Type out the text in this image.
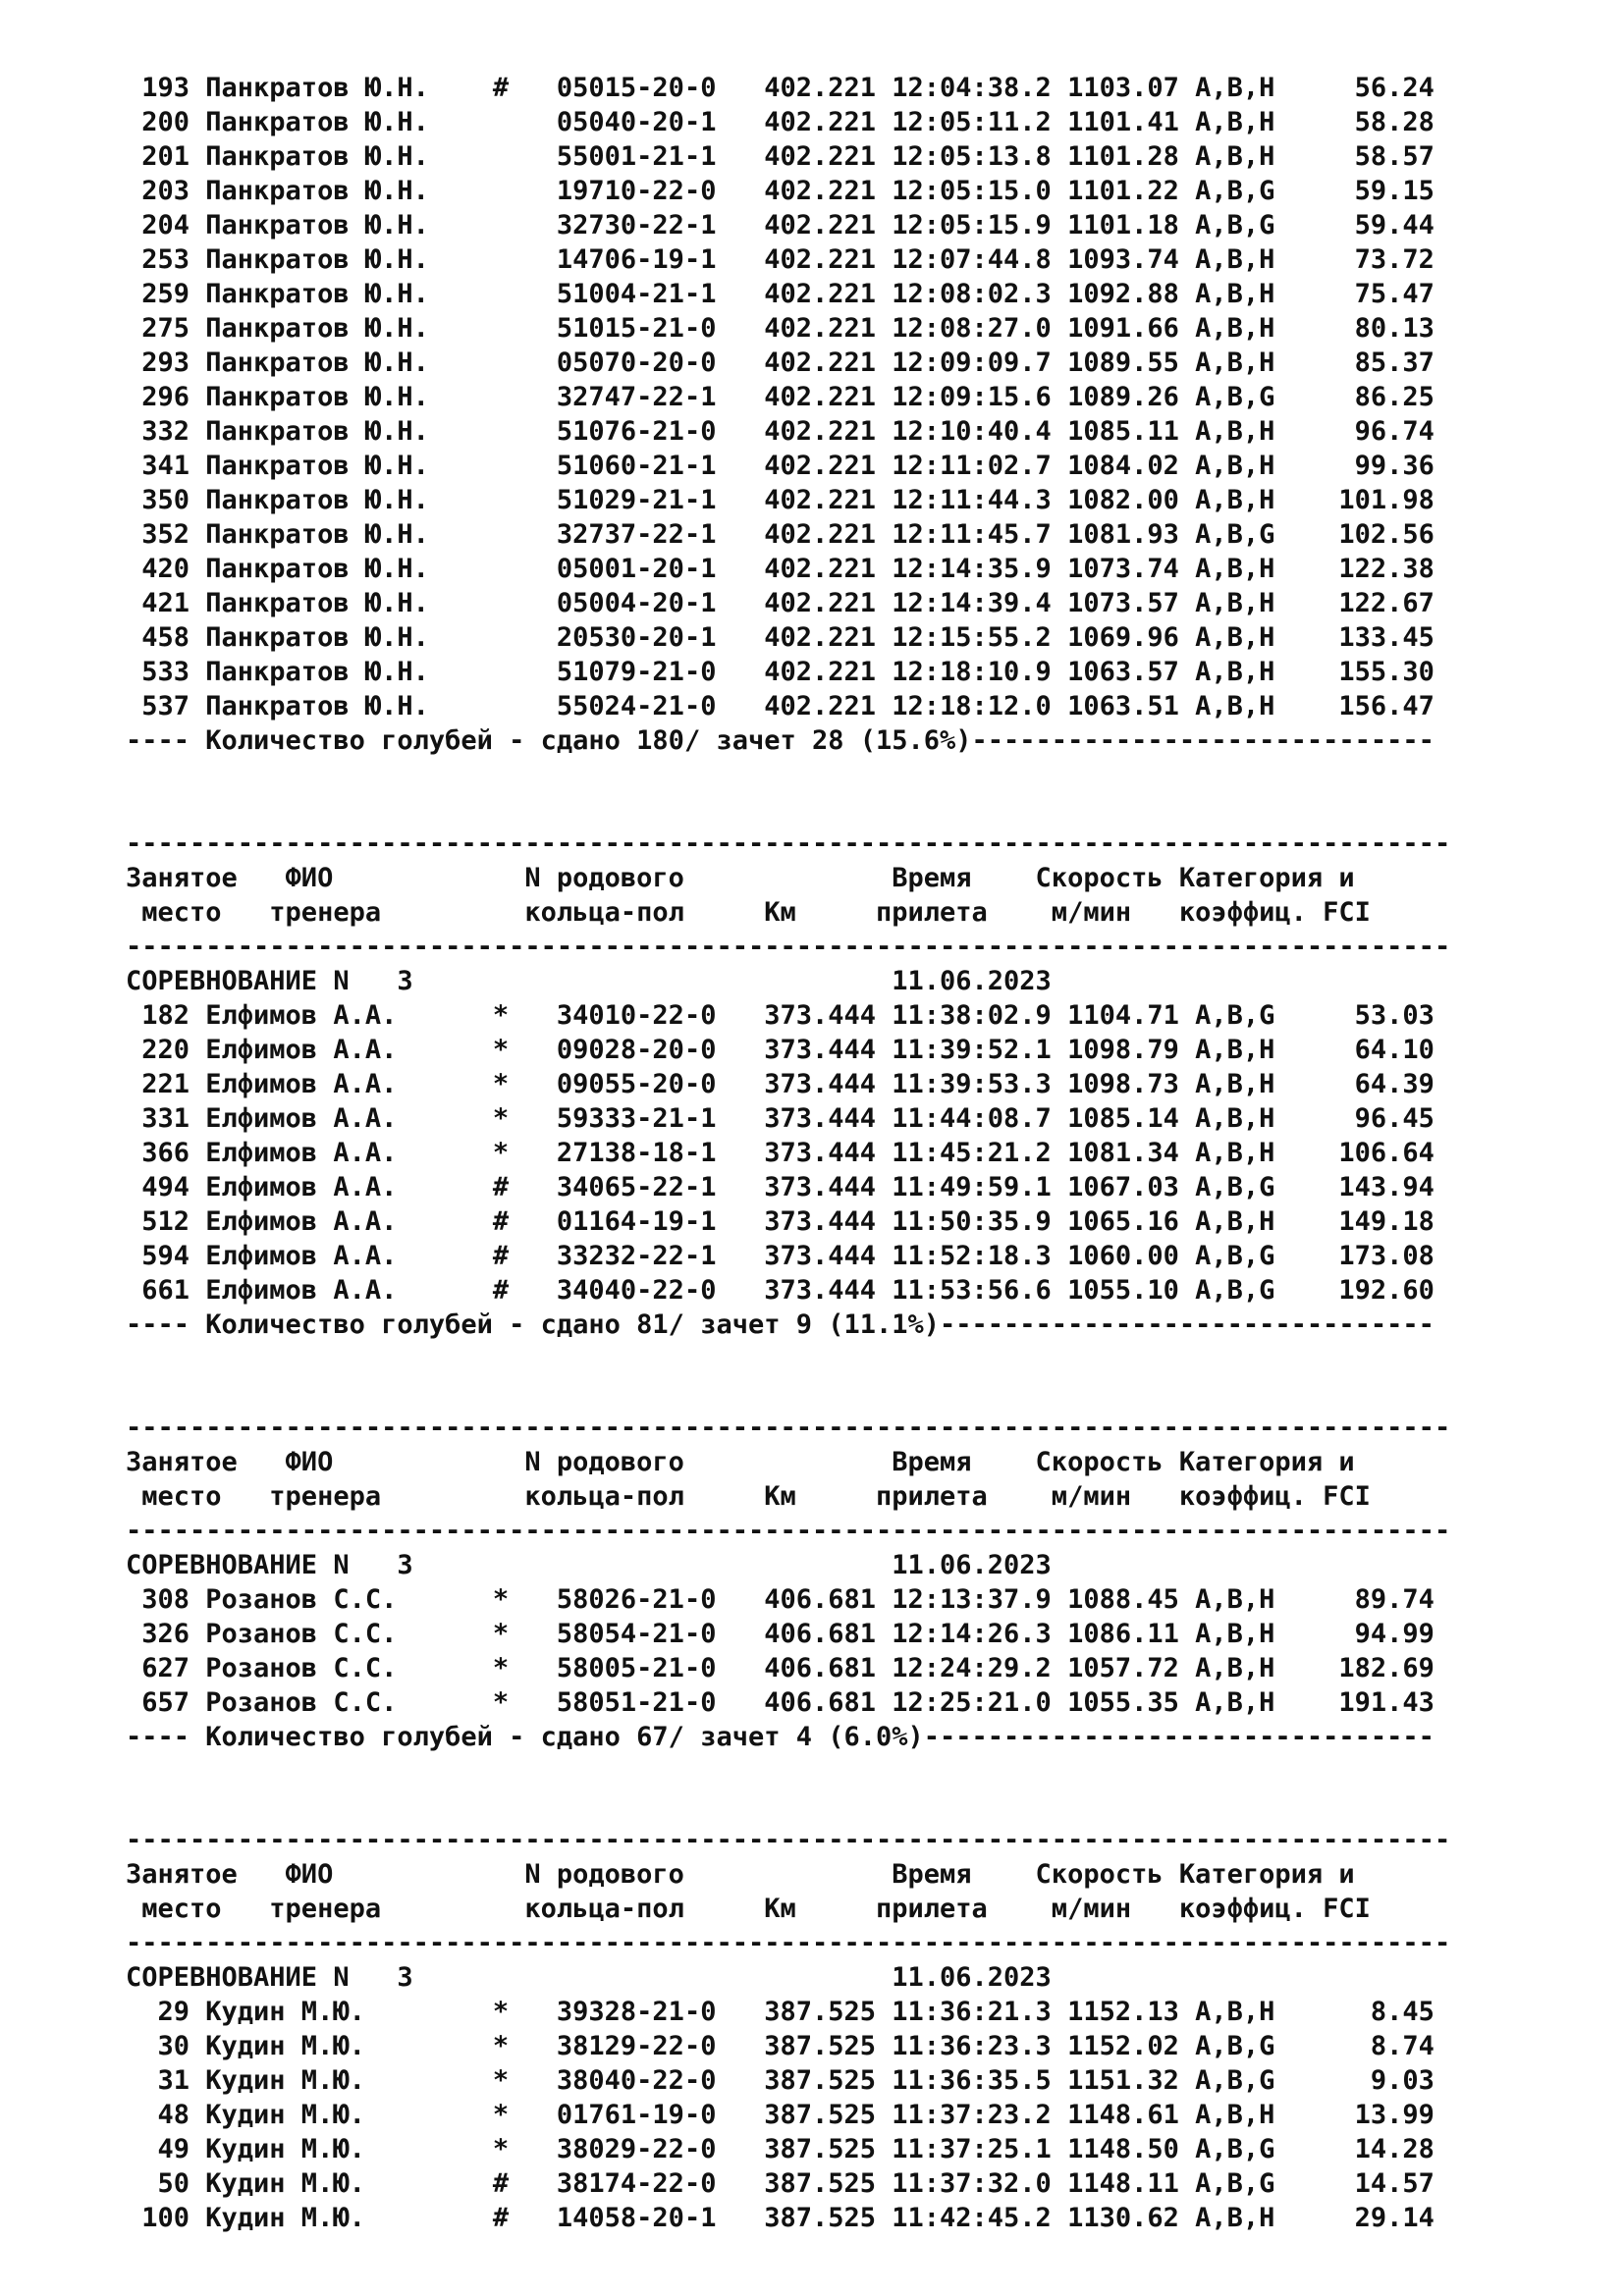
193 Панкратов Ю.Н.    #   05015-20-0   402.221 12:04:38.2 1103.07 A,B,H     56.24
200 Панкратов Ю.Н.        05040-20-1   402.221 12:05:11.2 1101.41 A,B,H     58.28
201 Панкратов Ю.Н.        55001-21-1   402.221 12:05:13.8 1101.28 A,B,H     58.57
203 Панкратов Ю.Н.        19710-22-0   402.221 12:05:15.0 1101.22 A,B,G     59.15
204 Панкратов Ю.Н.        32730-22-1   402.221 12:05:15.9 1101.18 A,B,G     59.44
253 Панкратов Ю.Н.        14706-19-1   402.221 12:07:44.8 1093.74 A,B,H     73.72
259 Панкратов Ю.Н.        51004-21-1   402.221 12:08:02.3 1092.88 A,B,H     75.47
275 Панкратов Ю.Н.        51015-21-0   402.221 12:08:27.0 1091.66 A,B,H     80.13
293 Панкратов Ю.Н.        05070-20-0   402.221 12:09:09.7 1089.55 A,B,H     85.37
296 Панкратов Ю.Н.        32747-22-1   402.221 12:09:15.6 1089.26 A,B,G     86.25
332 Панкратов Ю.Н.        51076-21-0   402.221 12:10:40.4 1085.11 A,B,H     96.74
341 Панкратов Ю.Н.        51060-21-1   402.221 12:11:02.7 1084.02 A,B,H     99.36
350 Панкратов Ю.Н.        51029-21-1   402.221 12:11:44.3 1082.00 A,B,H    101.98
352 Панкратов Ю.Н.        32737-22-1   402.221 12:11:45.7 1081.93 A,B,G    102.56
420 Панкратов Ю.Н.        05001-20-1   402.221 12:14:35.9 1073.74 A,B,H    122.38
421 Панкратов Ю.Н.        05004-20-1   402.221 12:14:39.4 1073.57 A,B,H    122.67
458 Панкратов Ю.Н.        20530-20-1   402.221 12:15:55.2 1069.96 A,B,H    133.45
533 Панкратов Ю.Н.        51079-21-0   402.221 12:18:10.9 1063.57 A,B,H    155.30
537 Панкратов Ю.Н.        55024-21-0   402.221 12:18:12.0 1063.51 A,B,H    156.47
---- Количество голубей - сдано 180/ зачет 28 (15.6%)-----------------------------
-----------------------------------------------------------------------------------
Занятое   ФИО            N родового             Время    Скорость Категория и
место   тренера         кольца-пол     Км     прилета    м/мин   коэффиц. FCI
-----------------------------------------------------------------------------------
СОРЕВНОВАНИЕ N   3                              11.06.2023
182 Елфимов А.А.      *   34010-22-0   373.444 11:38:02.9 1104.71 A,B,G     53.03
220 Елфимов А.А.      *   09028-20-0   373.444 11:39:52.1 1098.79 A,B,H     64.10
221 Елфимов А.А.      *   09055-20-0   373.444 11:39:53.3 1098.73 A,B,H     64.39
331 Елфимов А.А.      *   59333-21-1   373.444 11:44:08.7 1085.14 A,B,H     96.45
366 Елфимов А.А.      *   27138-18-1   373.444 11:45:21.2 1081.34 A,B,H    106.64
494 Елфимов А.А.      #   34065-22-1   373.444 11:49:59.1 1067.03 A,B,G    143.94
512 Елфимов А.А.      #   01164-19-1   373.444 11:50:35.9 1065.16 A,B,H    149.18
594 Елфимов А.А.      #   33232-22-1   373.444 11:52:18.3 1060.00 A,B,G    173.08
661 Елфимов А.А.      #   34040-22-0   373.444 11:53:56.6 1055.10 A,B,G    192.60
---- Количество голубей - сдано 81/ зачет 9 (11.1%)-------------------------------
-----------------------------------------------------------------------------------
Занятое   ФИО            N родового             Время    Скорость Категория и
место   тренера         кольца-пол     Км     прилета    м/мин   коэффиц. FCI
-----------------------------------------------------------------------------------
СОРЕВНОВАНИЕ N   3                              11.06.2023
308 Розанов С.С.      *   58026-21-0   406.681 12:13:37.9 1088.45 A,B,H     89.74
326 Розанов С.С.      *   58054-21-0   406.681 12:14:26.3 1086.11 A,B,H     94.99
627 Розанов С.С.      *   58005-21-0   406.681 12:24:29.2 1057.72 A,B,H    182.69
657 Розанов С.С.      *   58051-21-0   406.681 12:25:21.0 1055.35 A,B,H    191.43
---- Количество голубей - сдано 67/ зачет 4 (6.0%)--------------------------------
-----------------------------------------------------------------------------------
Занятое   ФИО            N родового             Время    Скорость Категория и
место   тренера         кольца-пол     Км     прилета    м/мин   коэффиц. FCI
-----------------------------------------------------------------------------------
СОРЕВНОВАНИЕ N   3                              11.06.2023
29 Кудин М.Ю.        *   39328-21-0   387.525 11:36:21.3 1152.13 A,B,H      8.45
30 Кудин М.Ю.        *   38129-22-0   387.525 11:36:23.3 1152.02 A,B,G      8.74
31 Кудин М.Ю.        *   38040-22-0   387.525 11:36:35.5 1151.32 A,B,G      9.03
48 Кудин М.Ю.        *   01761-19-0   387.525 11:37:23.2 1148.61 A,B,H     13.99
49 Кудин М.Ю.        *   38029-22-0   387.525 11:37:25.1 1148.50 A,B,G     14.28
50 Кудин М.Ю.        #   38174-22-0   387.525 11:37:32.0 1148.11 A,B,G     14.57
100 Кудин М.Ю.        #   14058-20-1   387.525 11:42:45.2 1130.62 A,B,H     29.14
